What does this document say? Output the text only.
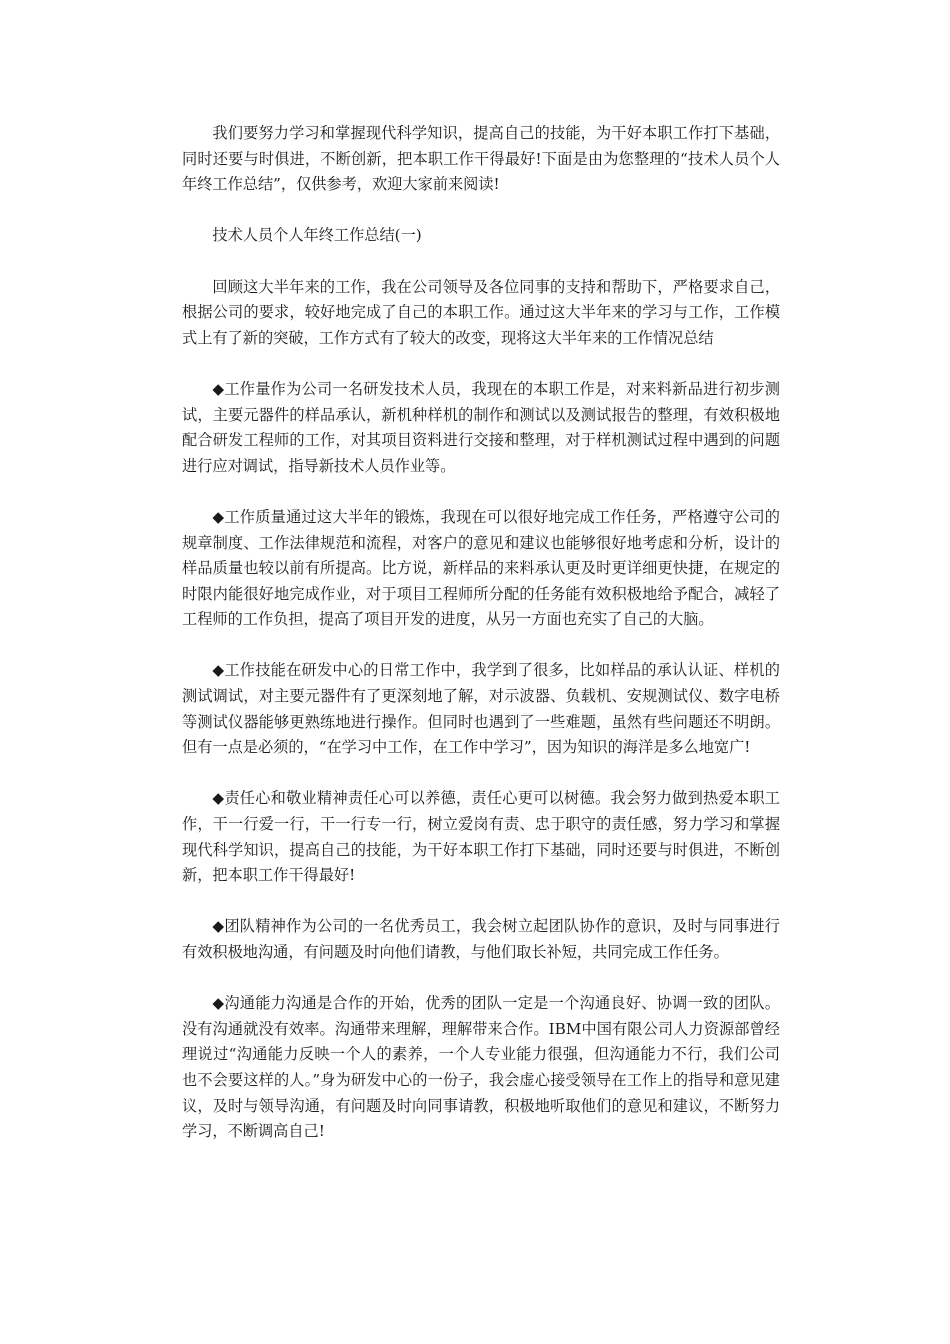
我们要努力学习和掌握现代科学知识，提高自己的技能，为干好本职工作打下基础，同时还要与时俱进，不断创新，把本职工作干得最好!下面是由为您整理的“技术人员个人年终工作总结”，仅供参考，欢迎大家前来阅读!

技术人员个人年终工作总结(一)

回顾这大半年来的工作，我在公司领导及各位同事的支持和帮助下，严格要求自己，根据公司的要求，较好地完成了自己的本职工作。通过这大半年来的学习与工作，工作模式上有了新的突破，工作方式有了较大的改变，现将这大半年来的工作情况总结

◆工作量作为公司一名研发技术人员，我现在的本职工作是，对来料新品进行初步测试，主要元器件的样品承认，新机种样机的制作和测试以及测试报告的整理，有效积极地配合研发工程师的工作，对其项目资料进行交接和整理，对于样机测试过程中遇到的问题进行应对调试，指导新技术人员作业等。

◆工作质量通过这大半年的锻炼，我现在可以很好地完成工作任务，严格遵守公司的规章制度、工作法律规范和流程，对客户的意见和建议也能够很好地考虑和分析，设计的样品质量也较以前有所提高。比方说，新样品的来料承认更及时更详细更快捷，在规定的时限内能很好地完成作业，对于项目工程师所分配的任务能有效积极地给予配合，减轻了工程师的工作负担，提高了项目开发的进度，从另一方面也充实了自己的大脑。

◆工作技能在研发中心的日常工作中，我学到了很多，比如样品的承认认证、样机的测试调试，对主要元器件有了更深刻地了解，对示波器、负载机、安规测试仪、数字电桥等测试仪器能够更熟练地进行操作。但同时也遇到了一些难题，虽然有些问题还不明朗。但有一点是必须的，“在学习中工作，在工作中学习”，因为知识的海洋是多么地宽广!

◆责任心和敬业精神责任心可以养德，责任心更可以树德。我会努力做到热爱本职工作，干一行爱一行，干一行专一行，树立爱岗有责、忠于职守的责任感，努力学习和掌握现代科学知识，提高自己的技能，为干好本职工作打下基础，同时还要与时俱进，不断创新，把本职工作干得最好!

◆团队精神作为公司的一名优秀员工，我会树立起团队协作的意识，及时与同事进行有效积极地沟通，有问题及时向他们请教，与他们取长补短，共同完成工作任务。

◆沟通能力沟通是合作的开始，优秀的团队一定是一个沟通良好、协调一致的团队。没有沟通就没有效率。沟通带来理解，理解带来合作。IBM中国有限公司人力资源部曾经理说过“沟通能力反映一个人的素养，一个人专业能力很强，但沟通能力不行，我们公司也不会要这样的人。”身为研发中心的一份子，我会虚心接受领导在工作上的指导和意见建议，及时与领导沟通，有问题及时向同事请教，积极地听取他们的意见和建议，不断努力学习，不断调高自己!
